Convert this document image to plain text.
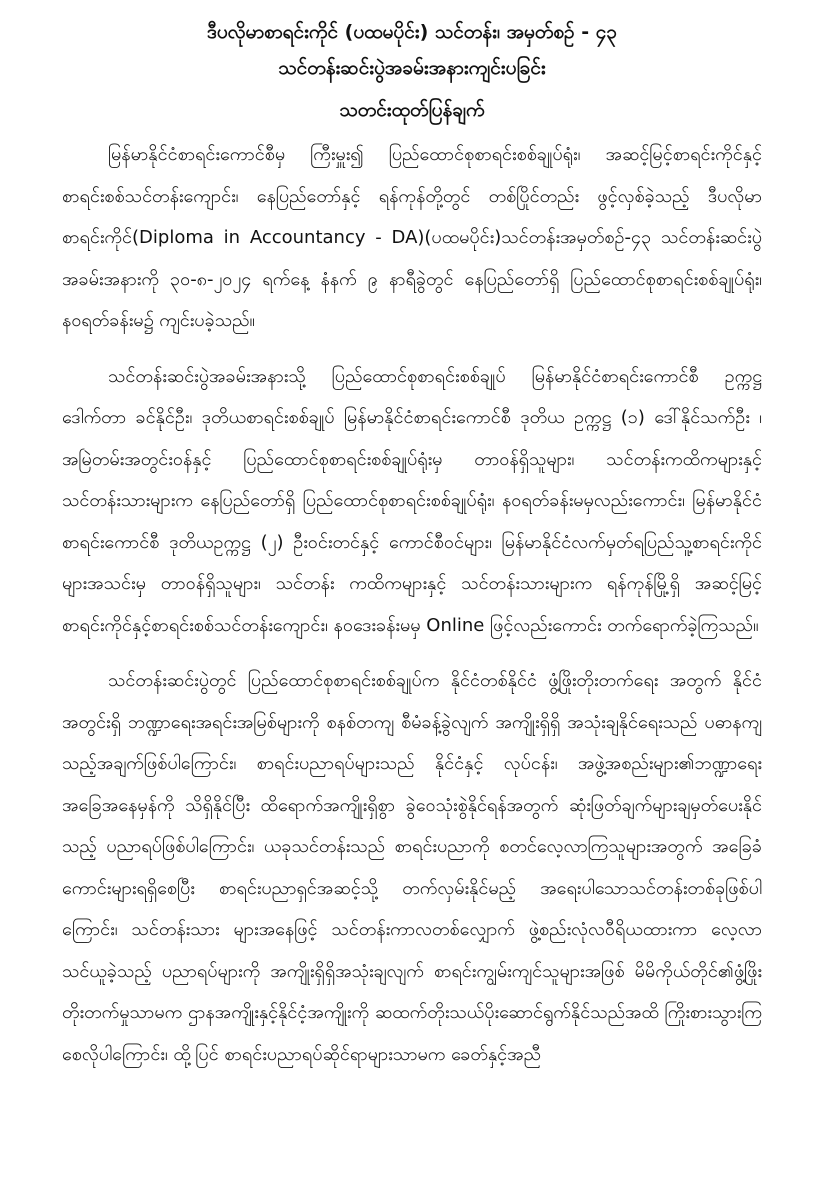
ဒီပလိုမာစာရင်းကိုင် (ပထမပိုင်း) သင်တန်း၊ အမှတ်စဉ် - ၄၃

သင်တန်းဆင်းပွဲအခမ်းအနားကျင်းပခြင်း

သတင်းထုတ်ပြန်ချက်

မြန်မာနိုင်ငံစာရင်းကောင်စီမှ ကြီးမှူး၍ ပြည်ထောင်စုစာရင်းစစ်ချုပ်ရုံး၊ အဆင့်မြင့်စာရင်းကိုင်နှင့်စာရင်းစစ်သင်တန်းကျောင်း၊ နေပြည်တော်နှင့် ရန်ကုန်တို့တွင် တစ်ပြိုင်တည်း ဖွင့်လှစ်ခဲ့သည့် ဒီပလိုမာစာရင်းကိုင်(Diploma in Accountancy - DA)(ပထမပိုင်း)သင်တန်းအမှတ်စဉ်-၄၃ သင်တန်းဆင်းပွဲ အခမ်းအနားကို ၃၀-၈-၂၀၂၄ ရက်နေ့ နံနက် ၉ နာရီခွဲတွင် နေပြည်တော်ရှိ ပြည်ထောင်စုစာရင်းစစ်ချုပ်ရုံး၊ နဝရတ်ခန်းမ၌ ကျင်းပခဲ့သည်။

သင်တန်းဆင်းပွဲအခမ်းအနားသို့ ပြည်ထောင်စုစာရင်းစစ်ချုပ် မြန်မာနိုင်ငံစာရင်းကောင်စီ ဥက္ကဋ္ဌ ဒေါက်တာ ခင်နိုင်ဦး၊ ဒုတိယစာရင်းစစ်ချုပ် မြန်မာနိုင်ငံစာရင်းကောင်စီ ဒုတိယ ဥက္ကဋ္ဌ (၁) ဒေါ်နိုင်သက်ဦး ၊ အမြဲတမ်းအတွင်းဝန်နှင့် ပြည်ထောင်စုစာရင်းစစ်ချုပ်ရုံးမှ တာဝန်ရှိသူများ၊ သင်တန်းကထိကများနှင့် သင်တန်းသားများက နေပြည်တော်ရှိ ပြည်ထောင်စုစာရင်းစစ်ချုပ်ရုံး၊ နဝရတ်ခန်းမမှလည်းကောင်း၊ မြန်မာနိုင်ငံစာရင်းကောင်စီ ဒုတိယဥက္ကဋ္ဌ (၂) ဦးဝင်းတင်နှင့် ကောင်စီဝင်များ၊ မြန်မာနိုင်ငံလက်မှတ်ရပြည်သူ့စာရင်းကိုင်များအသင်းမှ တာဝန်ရှိသူများ၊ သင်တန်း ကထိကများနှင့် သင်တန်းသားများက ရန်ကုန်မြို့ရှိ အဆင့်မြင့်စာရင်းကိုင်နှင့်စာရင်းစစ်သင်တန်းကျောင်း၊ နဝဒေးခန်းမမှ Online ဖြင့်လည်းကောင်း တက်ရောက်ခဲ့ကြသည်။

သင်တန်းဆင်းပွဲတွင် ပြည်ထောင်စုစာရင်းစစ်ချုပ်က နိုင်ငံတစ်နိုင်ငံ ဖွံ့ဖြိုးတိုးတက်ရေး အတွက် နိုင်ငံအတွင်းရှိ ဘဏ္ဍာရေးအရင်းအမြစ်များကို စနစ်တကျ စီမံခန့်ခွဲလျက် အကျိုးရှိရှိ အသုံးချနိုင်ရေးသည် ပဓာနကျသည့်အချက်ဖြစ်ပါကြောင်း၊ စာရင်းပညာရပ်များသည် နိုင်ငံနှင့် လုပ်ငန်း၊ အဖွဲ့အစည်းများ၏ဘဏ္ဍာရေးအခြေအနေမှန်ကို သိရှိနိုင်ပြီး ထိရောက်အကျိုးရှိစွာ ခွဲဝေသုံးစွဲနိုင်ရန်အတွက် ဆုံးဖြတ်ချက်များချမှတ်ပေးနိုင်သည့် ပညာရပ်ဖြစ်ပါကြောင်း၊ ယခုသင်တန်းသည် စာရင်းပညာကို စတင်လေ့လာကြသူများအတွက် အခြေခံကောင်းများရရှိစေပြီး စာရင်းပညာရှင်အဆင့်သို့ တက်လှမ်းနိုင်မည့် အရေးပါသောသင်တန်းတစ်ခုဖြစ်ပါကြောင်း၊ သင်တန်းသား များအနေဖြင့် သင်တန်းကာလတစ်လျှောက် ဖွဲ့စည်းလုံလဝီရိယထားကာ လေ့လာသင်ယူခဲ့သည့် ပညာရပ်များကို အကျိုးရှိရှိအသုံးချလျက် စာရင်းကျွမ်းကျင်သူများအဖြစ် မိမိကိုယ်တိုင်၏ဖွံ့ဖြိုး တိုးတက်မှုသာမက ဌာနအကျိုးနှင့်နိုင်ငံ့အကျိုးကို ဆထက်တိုးသယ်ပိုးဆောင်ရွက်နိုင်သည်အထိ ကြိုးစားသွားကြစေလိုပါကြောင်း၊ ထို့ပြင် စာရင်းပညာရပ်ဆိုင်ရာများသာမက ခေတ်နှင့်အညီ
